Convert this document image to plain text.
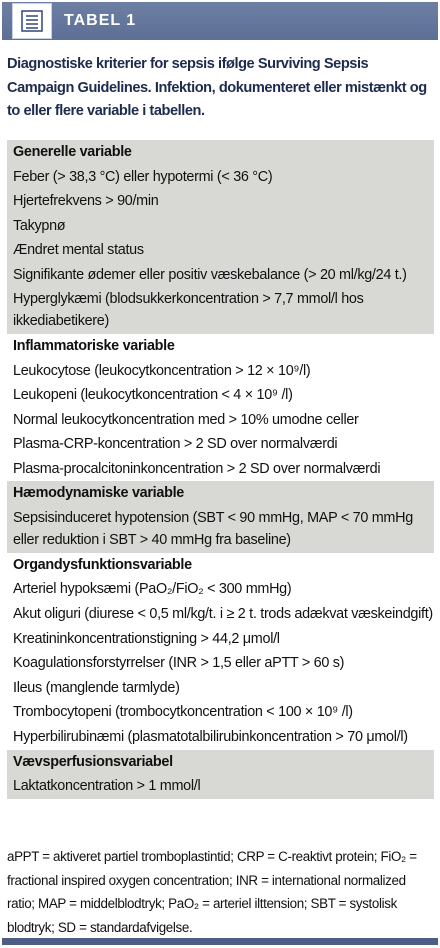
TABEL 1
Diagnostiske kriterier for sepsis ifølge Surviving Sepsis Campaign Guidelines. Infektion, dokumenteret eller mistænkt og to eller flere variable i tabellen.
Generelle variable
Feber (> 38,3 °C) eller hypotermi (< 36 °C)
Hjertefrekvens > 90/min
Takypnø
Ændret mental status
Signifikante ødemer eller positiv væskebalance (> 20 ml/kg/24 t.)
Hyperglykæmi (blodsukkerkoncentration > 7,7 mmol/l hos ikkediabetikere)
Inflammatoriske variable
Leukocytose (leukocytkoncentration > 12 × 10⁹/l)
Leukopeni (leukocytkoncentration < 4 × 10⁹ /l)
Normal leukocytkoncentration med > 10% umodne celler
Plasma-CRP-koncentration > 2 SD over normalværdi
Plasma-procalcitoninkoncentration > 2 SD over normalværdi
Hæmodynamiske variable
Sepsisinduceret hypotension (SBT < 90 mmHg, MAP < 70 mmHg eller reduktion i SBT > 40 mmHg fra baseline)
Organdysfunktionsvariable
Arteriel hypoksæmi (PaO₂/FiO₂ < 300 mmHg)
Akut oliguri (diurese < 0,5 ml/kg/t. i ≥ 2 t. trods adækvat væskeindgift)
Kreatininkoncentrationstigning > 44,2 μmol/l
Koagulationsforstyrrelser (INR > 1,5 eller aPTT > 60 s)
Ileus (manglende tarmlyde)
Trombocytopeni (trombocytkoncentration < 100 × 10⁹ /l)
Hyperbilirubinæmi (plasmatotalbilirubinkoncentration > 70 μmol/l)
Vævsperfusionsvariabel
Laktatkoncentration > 1 mmol/l
aPPT = aktiveret partiel tromboplastintid; CRP = C-reaktivt protein; FiO₂ = fractional inspired oxygen concentration; INR = international normalized ratio; MAP = middelblodtryk; PaO₂ = arteriel ilttension; SBT = systolisk blodtryk; SD = standardafvigelse.
